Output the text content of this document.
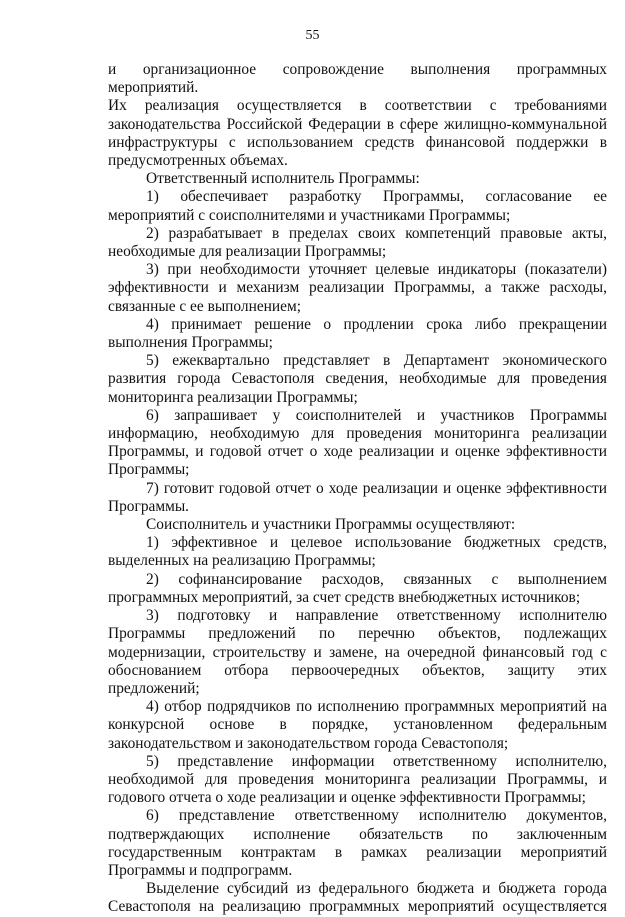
55

и организационное сопровождение выполнения программных мероприятий.

Их реализация осуществляется в соответствии с требованиями законодательства Российской Федерации в сфере жилищно-коммунальной инфраструктуры с использованием средств финансовой поддержки в предусмотренных объемах.

Ответственный исполнитель Программы:

1) обеспечивает разработку Программы, согласование ее мероприятий с соисполнителями и участниками Программы;

2) разрабатывает в пределах своих компетенций правовые акты, необходимые для реализации Программы;

3) при необходимости уточняет целевые индикаторы (показатели) эффективности и механизм реализации Программы, а также расходы, связанные с ее выполнением;

4) принимает решение о продлении срока либо прекращении выполнения Программы;

5) ежеквартально представляет в Департамент экономического развития города Севастополя сведения, необходимые для проведения мониторинга реализации Программы;

6) запрашивает у соисполнителей и участников Программы информацию, необходимую для проведения мониторинга реализации Программы, и годовой отчет о ходе реализации и оценке эффективности Программы;

7) готовит годовой отчет о ходе реализации и оценке эффективности Программы.

Соисполнитель и участники Программы осуществляют:

1) эффективное и целевое использование бюджетных средств, выделенных на реализацию Программы;

2) софинансирование расходов, связанных с выполнением программных мероприятий, за счет средств внебюджетных источников;

3) подготовку и направление ответственному исполнителю Программы предложений по перечню объектов, подлежащих модернизации, строительству и замене, на очередной финансовый год с обоснованием отбора первоочередных объектов, защиту этих предложений;

4) отбор подрядчиков по исполнению программных мероприятий на конкурсной основе в порядке, установленном федеральным законодательством и законодательством города Севастополя;

5) представление информации ответственному исполнителю, необходимой для проведения мониторинга реализации Программы, и годового отчета о ходе реализации и оценке эффективности Программы;

6) представление ответственному исполнителю документов, подтверждающих исполнение обязательств по заключенным государственным контрактам в рамках реализации мероприятий Программы и подпрограмм.

Выделение субсидий из федерального бюджета и бюджета города Севастополя на реализацию программных мероприятий осуществляется
